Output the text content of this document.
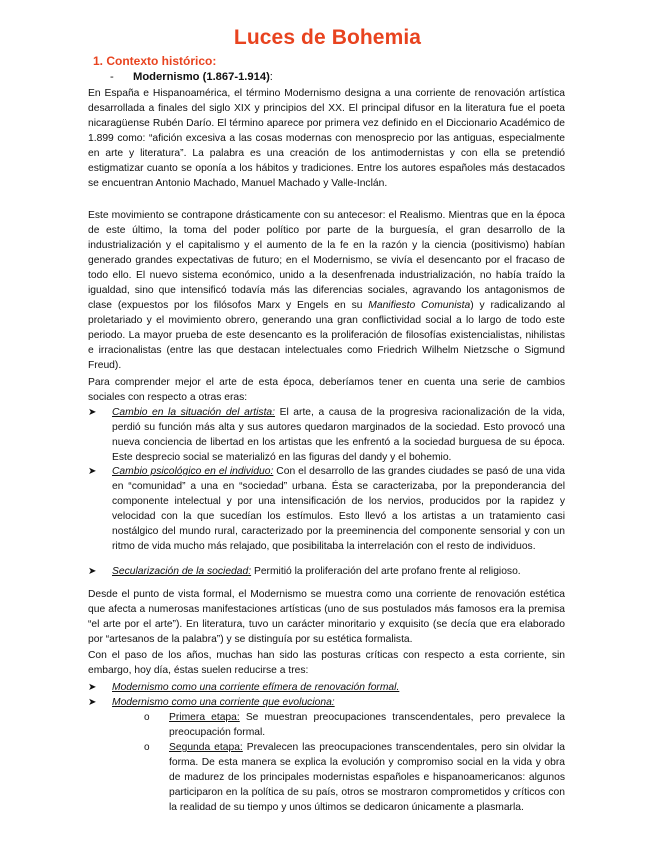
Luces de Bohemia
1. Contexto histórico:
- Modernismo (1.867-1.914):

En España e Hispanoamérica, el término Modernismo designa a una corriente de renovación artística desarrollada a finales del siglo XIX y principios del XX. El principal difusor en la literatura fue el poeta nicaragüense Rubén Darío. El término aparece por primera vez definido en el Diccionario Académico de 1.899 como: “afición excesiva a las cosas modernas con menosprecio por las antiguas, especialmente en arte y literatura”. La palabra es una creación de los antimodernistas y con ella se pretendió estigmatizar cuanto se oponía a los hábitos y tradiciones. Entre los autores españoles más destacados se encuentran Antonio Machado, Manuel Machado y Valle-Inclán.

Este movimiento se contrapone drásticamente con su antecesor: el Realismo. Mientras que en la época de este último, la toma del poder político por parte de la burguesía, el gran desarrollo de la industrialización y el capitalismo y el aumento de la fe en la razón y la ciencia (positivismo) habían generado grandes expectativas de futuro; en el Modernismo, se vivía el desencanto por el fracaso de todo ello. El nuevo sistema económico, unido a la desenfrenada industrialización, no había traído la igualdad, sino que intensificó todavía más las diferencias sociales, agravando los antagonismos de clase (expuestos por los filósofos Marx y Engels en su Manifiesto Comunista) y radicalizando al proletariado y el movimiento obrero, generando una gran conflictividad social a lo largo de todo este periodo. La mayor prueba de este desencanto es la proliferación de filosofías existencialistas, nihilistas e irracionalistas (entre las que destacan intelectuales como Friedrich Wilhelm Nietzsche o Sigmund Freud).

Para comprender mejor el arte de esta época, deberíamos tener en cuenta una serie de cambios sociales con respecto a otras eras:

➤	Cambio en la situación del artista: El arte, a causa de la progresiva racionalización de la vida, perdió su función más alta y sus autores quedaron marginados de la sociedad. Esto provocó una nueva conciencia de libertad en los artistas que les enfrentó a la sociedad burguesa de su época. Este desprecio social se materializó en las figuras del dandy y el bohemio.
➤	Cambio psicológico en el individuo: Con el desarrollo de las grandes ciudades se pasó de una vida en “comunidad” a una en “sociedad” urbana. Ésta se caracterizaba, por la preponderancia del componente intelectual y por una intensificación de los nervios, producidos por la rapidez y velocidad con la que sucedían los estímulos. Esto llevó a los artistas a un tratamiento casi nostálgico del mundo rural, caracterizado por la preeminencia del componente sensorial y con un ritmo de vida mucho más relajado, que posibilitaba la interrelación con el resto de individuos.
➤	Secularización de la sociedad: Permitió la proliferación del arte profano frente al religioso.

Desde el punto de vista formal, el Modernismo se muestra como una corriente de renovación estética que afecta a numerosas manifestaciones artísticas (uno de sus postulados más famosos era la premisa “el arte por el arte”). En literatura, tuvo un carácter minoritario y exquisito (se decía que era elaborado por “artesanos de la palabra”) y se distinguía por su estética formalista.

Con el paso de los años, muchas han sido las posturas críticas con respecto a esta corriente, sin embargo, hoy día, éstas suelen reducirse a tres:

➤	Modernismo como una corriente efímera de renovación formal.
➤	Modernismo como una corriente que evoluciona:
o Primera etapa: Se muestran preocupaciones transcendentales, pero prevalece la preocupación formal.
o Segunda etapa: Prevalecen las preocupaciones transcendentales, pero sin olvidar la forma. De esta manera se explica la evolución y compromiso social en la vida y obra de madurez de los principales modernistas españoles e hispanoamericanos: algunos participaron en la política de su país, otros se mostraron comprometidos y críticos con la realidad de su tiempo y unos últimos se dedicaron únicamente a plasmarla.
